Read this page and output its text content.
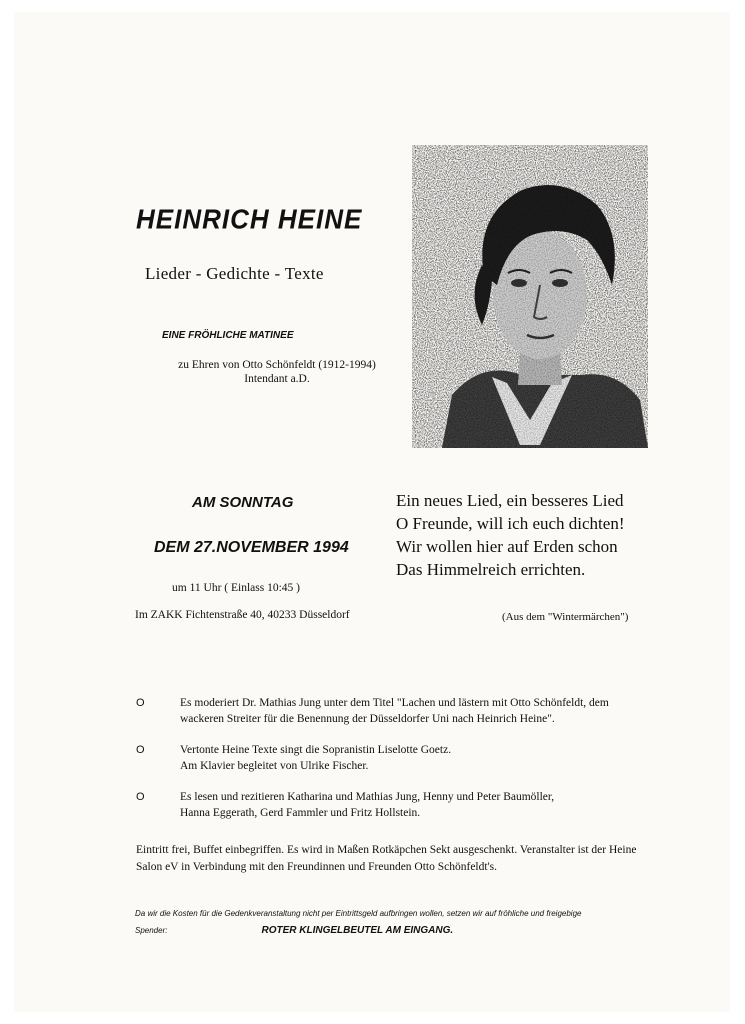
HEINRICH HEINE
Lieder - Gedichte - Texte
EINE FRÖHLICHE MATINEE
zu Ehren von Otto Schönfeldt (1912-1994)
Intendant a.D.
AM SONNTAG
DEM 27.NOVEMBER 1994
um 11 Uhr ( Einlass 10:45 )
Im ZAKK Fichtenstraße 40, 40233 Düsseldorf
Ein neues Lied, ein besseres Lied
O Freunde, will ich euch dichten!
Wir wollen hier auf Erden schon
Das Himmelreich errichten.
(Aus dem "Wintermärchen")
O	Es moderiert Dr. Mathias Jung unter dem Titel "Lachen und lästern mit Otto Schönfeldt, dem
wackeren Streiter für die Benennung der Düsseldorfer Uni nach Heinrich Heine".
O	Vertonte Heine Texte singt die Sopranistin Liselotte Goetz.
Am Klavier begleitet von Ulrike Fischer.
O	Es lesen und rezitieren Katharina und Mathias Jung, Henny und Peter Baumöller,
Hanna Eggerath, Gerd Fammler und Fritz Hollstein.
Eintritt frei, Buffet einbegriffen. Es wird in Maßen Rotkäpchen Sekt ausgeschenkt. Veranstalter ist der Heine
Salon eV in Verbindung mit den Freundinnen und Freunden Otto Schönfeldt's.
Da wir die Kosten für die Gedenkveranstaltung nicht per Eintrittsgeld aufbringen wollen, setzen wir auf fröhliche und freigebige
Spender:	ROTER KLINGELBEUTEL AM EINGANG.
